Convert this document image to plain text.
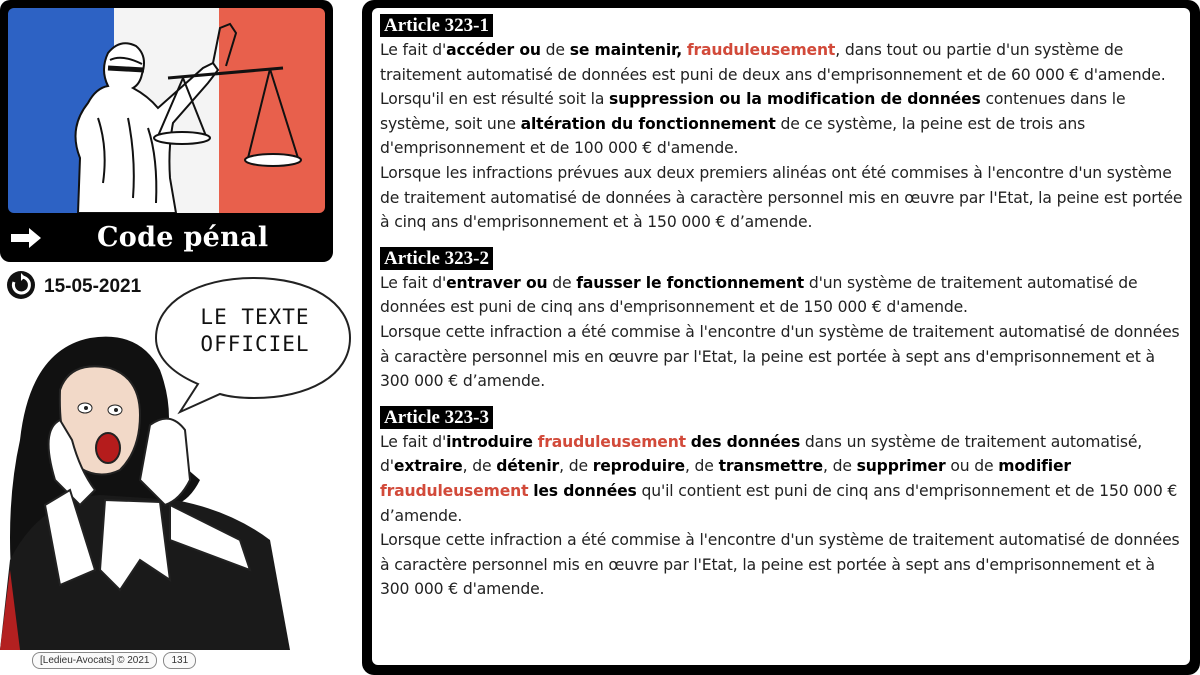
Code pénal
15-05-2021
LE TEXTE
OFFICIEL
[Ledieu-Avocats] © 2021	131
Article 323-1
Le fait d'accéder ou de se maintenir, frauduleusement, dans tout ou partie d'un système de traitement automatisé de données est puni de deux ans d'emprisonnement et de 60 000 € d'amende.
Lorsqu'il en est résulté soit la suppression ou la modification de données contenues dans le système, soit une altération du fonctionnement de ce système, la peine est de trois ans d'emprisonnement et de 100 000 € d'amende.
Lorsque les infractions prévues aux deux premiers alinéas ont été commises à l'encontre d'un système de traitement automatisé de données à caractère personnel mis en œuvre par l'Etat, la peine est portée à cinq ans d'emprisonnement et à 150 000 € d’amende.
Article 323-2
Le fait d'entraver ou de fausser le fonctionnement d'un système de traitement automatisé de données est puni de cinq ans d'emprisonnement et de 150 000 € d'amende.
Lorsque cette infraction a été commise à l'encontre d'un système de traitement automatisé de données à caractère personnel mis en œuvre par l'Etat, la peine est portée à sept ans d'emprisonnement et à 300 000 € d’amende.
Article 323-3
Le fait d'introduire frauduleusement des données dans un système de traitement automatisé, d'extraire, de détenir, de reproduire, de transmettre, de supprimer ou de modifier frauduleusement les données qu'il contient est puni de cinq ans d'emprisonnement et de 150 000 € d’amende.
Lorsque cette infraction a été commise à l'encontre d'un système de traitement automatisé de données à caractère personnel mis en œuvre par l'Etat, la peine est portée à sept ans d'emprisonnement et à 300 000 € d'amende.
